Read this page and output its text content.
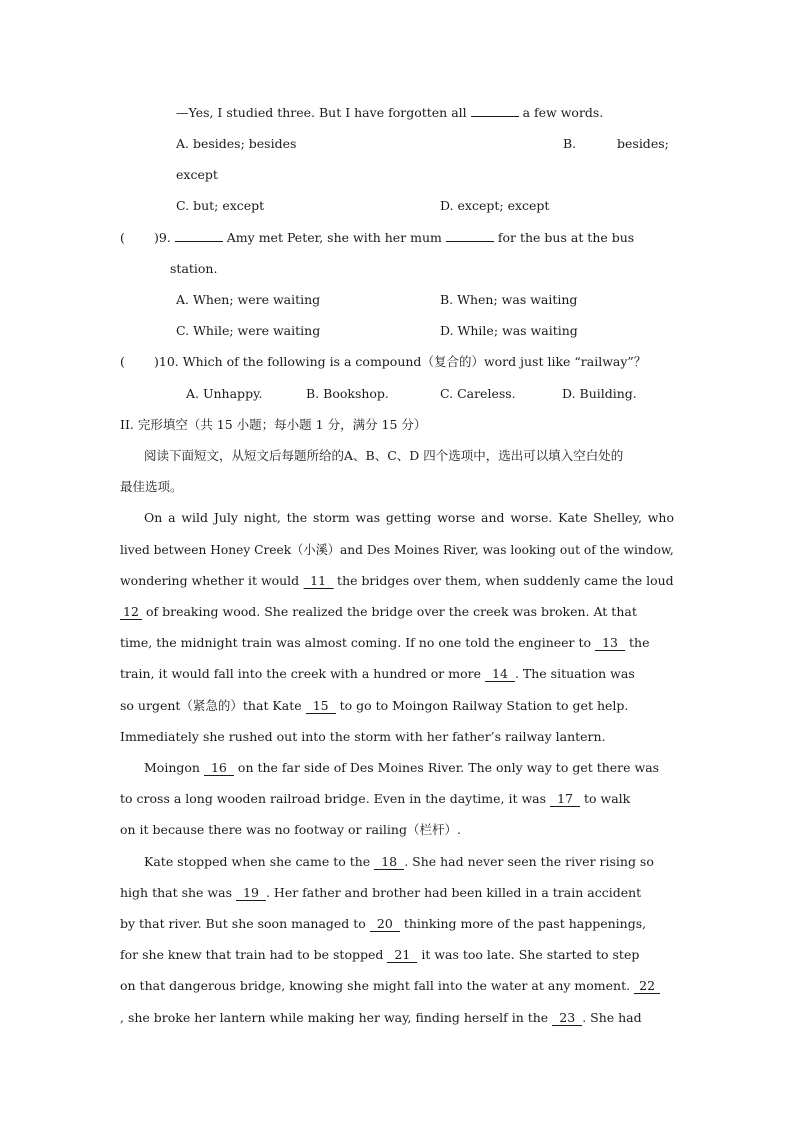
—Yes, I studied three. But I have forgotten all	a few words.
A. besides; besides	B.	besides;
except
C. but; except	D. except; except
( )9.	Amy met Peter, she with her mum	for the bus at the bus
station.
A. When; were waiting	B. When; was waiting
C. While; were waiting	D. While; was waiting
( )10. Which of the following is a compound（复合的）word just like “railway”？
A. Unhappy.	B. Bookshop.	C. Careless.	D. Building.
II. 完形填空（共 15 小题；每小题 1 分，满分 15 分）
阅读下面短文，从短文后每题所给的A、B、C、D 四个选项中，选出可以填入空白处的
最佳选项。
On a wild July night, the storm was getting worse and worse. Kate Shelley, who
lived between Honey Creek（小溪）and Des Moines River, was looking out of the window,
wondering whether it would 11 the bridges over them, when suddenly came the loud
12 of breaking wood. She realized the bridge over the creek was broken. At that
time, the midnight train was almost coming. If no one told the engineer to 13 the
train, it would fall into the creek with a hundred or more 14 . The situation was
so urgent（紧急的）that Kate 15 to go to Moingon Railway Station to get help.
Immediately she rushed out into the storm with her father’s railway lantern.
Moingon 16 on the far side of Des Moines River. The only way to get there was
to cross a long wooden railroad bridge. Even in the daytime, it was 17 to walk
on it because there was no footway or railing（栏杆）.
Kate stopped when she came to the 18 . She had never seen the river rising so
high that she was 19 . Her father and brother had been killed in a train accident
by that river. But she soon managed to 20 thinking more of the past happenings,
for she knew that train had to be stopped 21 it was too late. She started to step
on that dangerous bridge, knowing she might fall into the water at any moment. 22
, she broke her lantern while making her way, finding herself in the 23 . She had
